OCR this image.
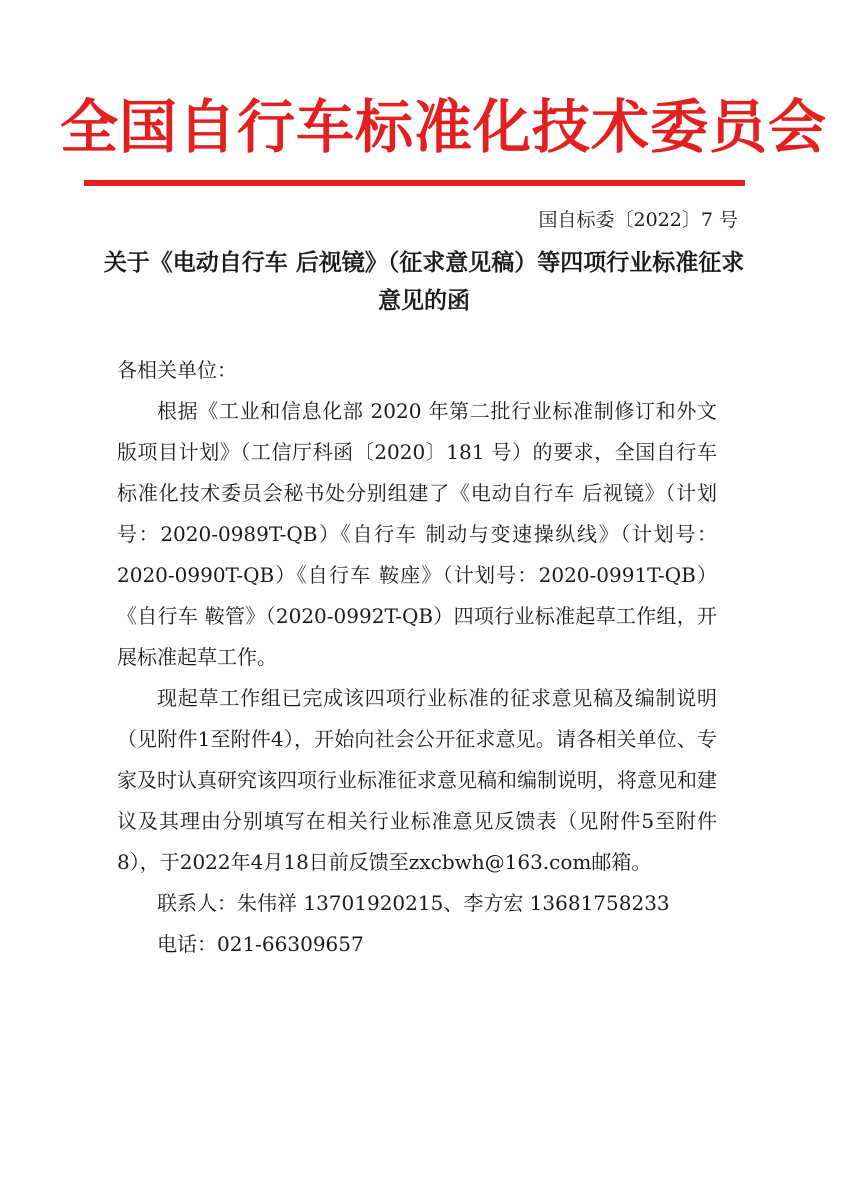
全国自行车标准化技术委员会
国自标委〔2022〕7 号
关于《电动自行车 后视镜》（征求意见稿）等四项行业标准征求意见的函

各相关单位：

根据《工业和信息化部 2020 年第二批行业标准制修订和外文版项目计划》（工信厅科函〔2020〕181 号）的要求，全国自行车标准化技术委员会秘书处分别组建了《电动自行车 后视镜》（计划号：2020-0989T-QB）《自行车 制动与变速操纵线》（计划号：2020-0990T-QB）《自行车 鞍座》（计划号：2020-0991T-QB）《自行车 鞍管》（2020-0992T-QB）四项行业标准起草工作组，开展标准起草工作。

现起草工作组已完成该四项行业标准的征求意见稿及编制说明（见附件1至附件4），开始向社会公开征求意见。请各相关单位、专家及时认真研究该四项行业标准征求意见稿和编制说明，将意见和建议及其理由分别填写在相关行业标准意见反馈表（见附件5至附件8），于2022年4月18日前反馈至zxcbwh@163.com邮箱。

联系人：朱伟祥 13701920215、李方宏 13681758233

电话：021-66309657
